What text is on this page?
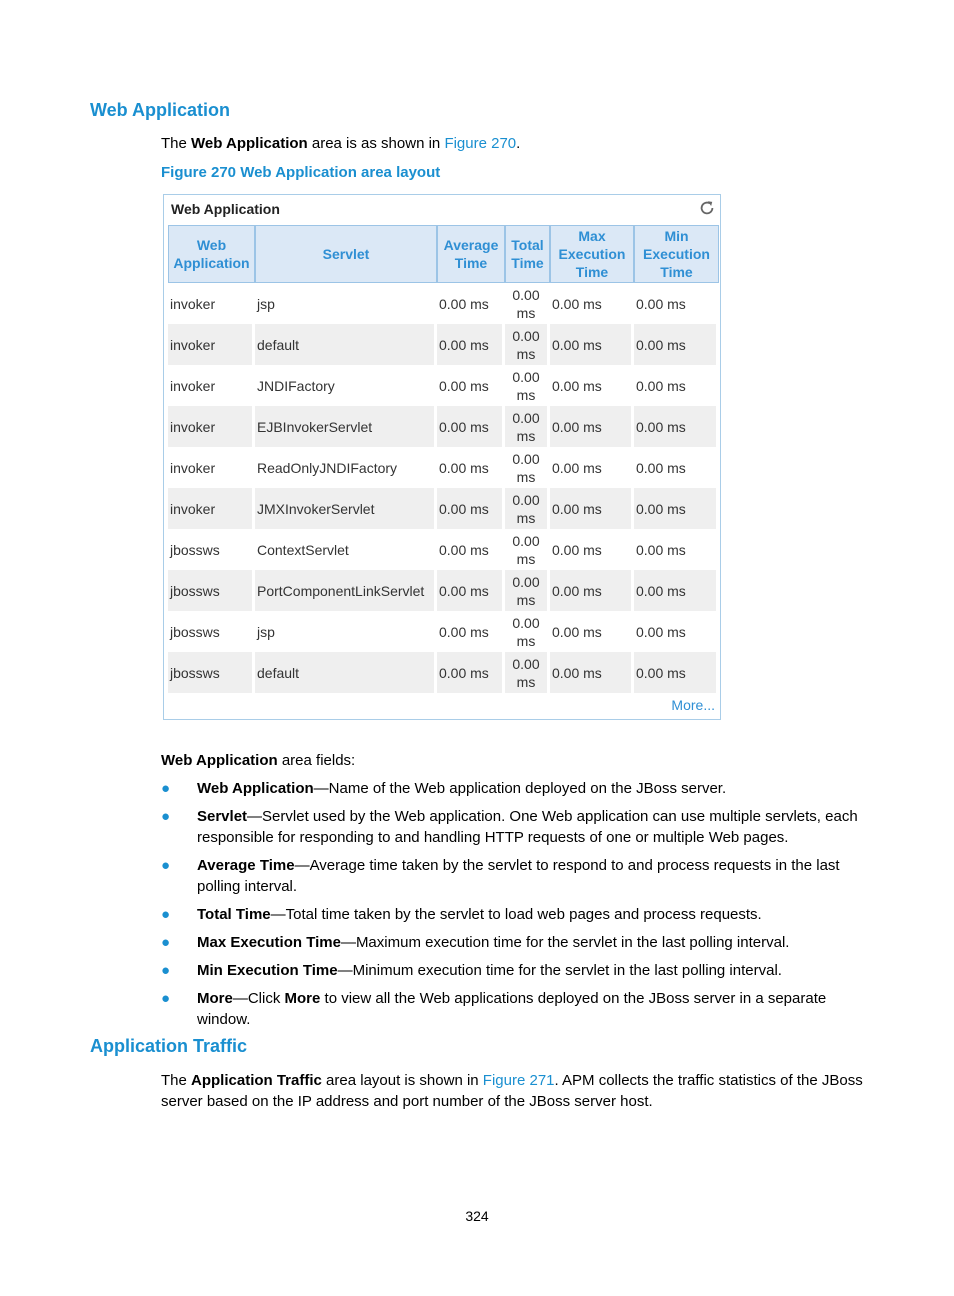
Web Application

The Web Application area is as shown in Figure 270.

Figure 270 Web Application area layout
Web Application
Web Application	Servlet	Average Time	Total Time	Max Execution Time	Min Execution Time
invoker	jsp	0.00 ms	0.00 ms	0.00 ms	0.00 ms
invoker	default	0.00 ms	0.00 ms	0.00 ms	0.00 ms
invoker	JNDIFactory	0.00 ms	0.00 ms	0.00 ms	0.00 ms
invoker	EJBInvokerServlet	0.00 ms	0.00 ms	0.00 ms	0.00 ms
invoker	ReadOnlyJNDIFactory	0.00 ms	0.00 ms	0.00 ms	0.00 ms
invoker	JMXInvokerServlet	0.00 ms	0.00 ms	0.00 ms	0.00 ms
jbossws	ContextServlet	0.00 ms	0.00 ms	0.00 ms	0.00 ms
jbossws	PortComponentLinkServlet	0.00 ms	0.00 ms	0.00 ms	0.00 ms
jbossws	jsp	0.00 ms	0.00 ms	0.00 ms	0.00 ms
jbossws	default	0.00 ms	0.00 ms	0.00 ms	0.00 ms
More...

Web Application area fields:

● Web Application—Name of the Web application deployed on the JBoss server.
● Servlet—Servlet used by the Web application. One Web application can use multiple servlets, each responsible for responding to and handling HTTP requests of one or multiple Web pages.
● Average Time—Average time taken by the servlet to respond to and process requests in the last polling interval.
● Total Time—Total time taken by the servlet to load web pages and process requests.
● Max Execution Time—Maximum execution time for the servlet in the last polling interval.
● Min Execution Time—Minimum execution time for the servlet in the last polling interval.
● More—Click More to view all the Web applications deployed on the JBoss server in a separate window.
Application Traffic

The Application Traffic area layout is shown in Figure 271. APM collects the traffic statistics of the JBoss server based on the IP address and port number of the JBoss server host.

324
